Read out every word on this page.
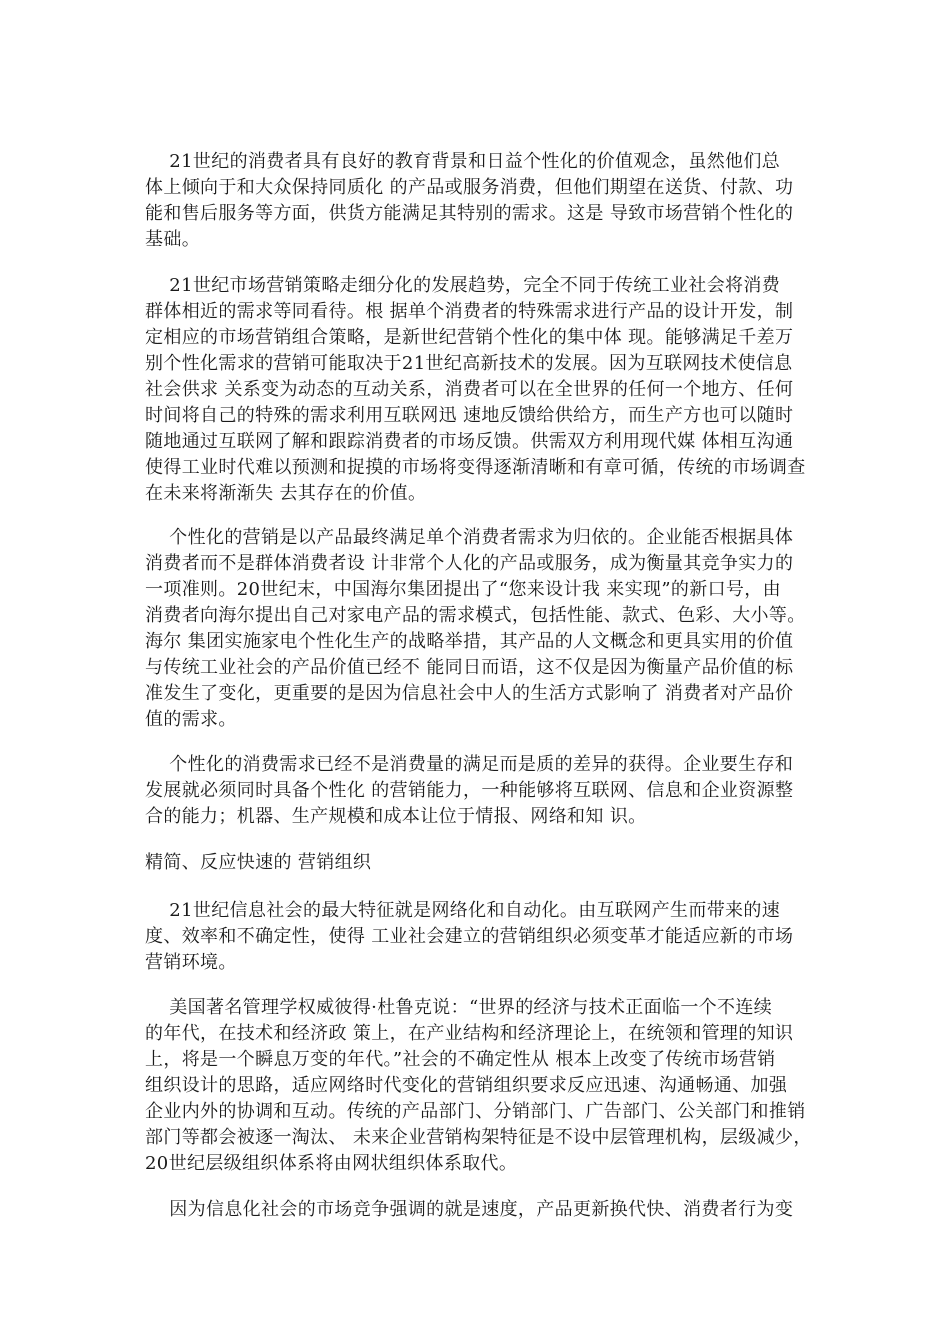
21世纪的消费者具有良好的教育背景和日益个性化的价值观念，虽然他们总
体上倾向于和大众保持同质化 的产品或服务消费，但他们期望在送货、付款、功
能和售后服务等方面，供货方能满足其特别的需求。这是 导致市场营销个性化的
基础。
21世纪市场营销策略走细分化的发展趋势，完全不同于传统工业社会将消费
群体相近的需求等同看待。根 据单个消费者的特殊需求进行产品的设计开发，制
定相应的市场营销组合策略，是新世纪营销个性化的集中体 现。能够满足千差万
别个性化需求的营销可能取决于21世纪高新技术的发展。因为互联网技术使信息
社会供求 关系变为动态的互动关系，消费者可以在全世界的任何一个地方、任何
时间将自己的特殊的需求利用互联网迅 速地反馈给供给方，而生产方也可以随时
随地通过互联网了解和跟踪消费者的市场反馈。供需双方利用现代媒 体相互沟通
使得工业时代难以预测和捉摸的市场将变得逐渐清晰和有章可循，传统的市场调查
在未来将渐渐失 去其存在的价值。
个性化的营销是以产品最终满足单个消费者需求为归依的。企业能否根据具体
消费者而不是群体消费者设 计非常个人化的产品或服务，成为衡量其竞争实力的
一项准则。20世纪末，中国海尔集团提出了“您来设计我 来实现”的新口号，由
消费者向海尔提出自己对家电产品的需求模式，包括性能、款式、色彩、大小等。
海尔 集团实施家电个性化生产的战略举措，其产品的人文概念和更具实用的价值
与传统工业社会的产品价值已经不 能同日而语，这不仅是因为衡量产品价值的标
准发生了变化，更重要的是因为信息社会中人的生活方式影响了 消费者对产品价
值的需求。
个性化的消费需求已经不是消费量的满足而是质的差异的获得。企业要生存和
发展就必须同时具备个性化 的营销能力，一种能够将互联网、信息和企业资源整
合的能力；机器、生产规模和成本让位于情报、网络和知 识。
精简、反应快速的 营销组织
21世纪信息社会的最大特征就是网络化和自动化。由互联网产生而带来的速
度、效率和不确定性，使得 工业社会建立的营销组织必须变革才能适应新的市场
营销环境。
美国著名管理学权威彼得·杜鲁克说：“世界的经济与技术正面临一个不连续
的年代，在技术和经济政 策上，在产业结构和经济理论上，在统领和管理的知识
上，将是一个瞬息万变的年代。”社会的不确定性从 根本上改变了传统市场营销
组织设计的思路，适应网络时代变化的营销组织要求反应迅速、沟通畅通、加强
企业内外的协调和互动。传统的产品部门、分销部门、广告部门、公关部门和推销
部门等都会被逐一淘汰、 未来企业营销构架特征是不设中层管理机构，层级减少，
20世纪层级组织体系将由网状组织体系取代。
因为信息化社会的市场竞争强调的就是速度，产品更新换代快、消费者行为变
